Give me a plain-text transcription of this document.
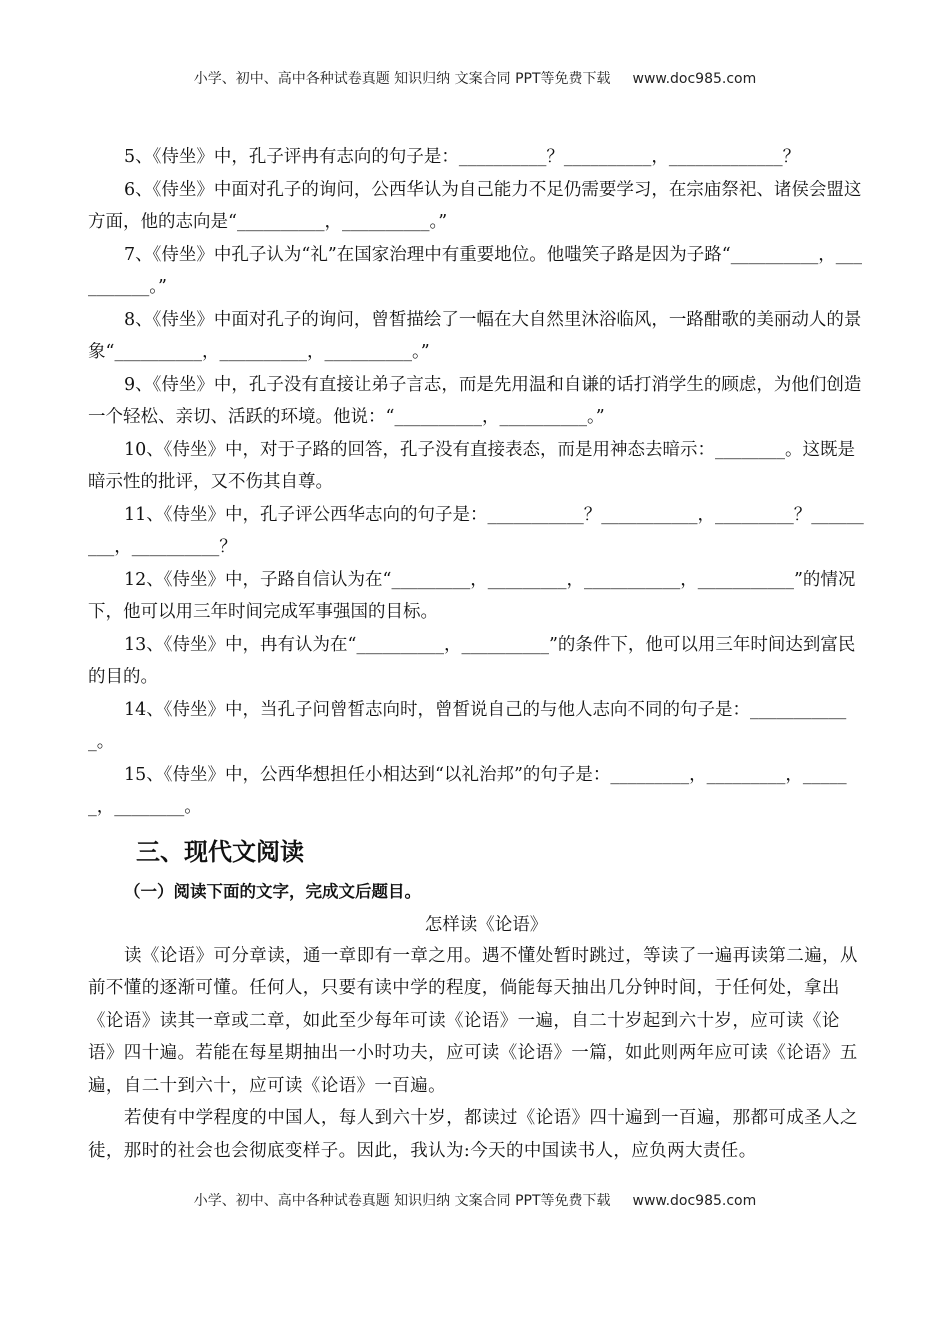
小学、初中、高中各种试卷真题 知识归纳 文案合同 PPT等免费下载 www.doc985.com

5、《侍坐》中，孔子评冉有志向的句子是：__________？__________，_____________？

6、《侍坐》中面对孔子的询问，公西华认为自己能力不足仍需要学习，在宗庙祭祀、诸侯会盟这方面，他的志向是“__________，__________。”

7、《侍坐》中孔子认为“礼”在国家治理中有重要地位。他嗤笑子路是因为子路“__________，__________。”

8、《侍坐》中面对孔子的询问，曾皙描绘了一幅在大自然里沐浴临风，一路酣歌的美丽动人的景象“__________，__________，__________。”

9、《侍坐》中，孔子没有直接让弟子言志，而是先用温和自谦的话打消学生的顾虑，为他们创造一个轻松、亲切、活跃的环境。他说：“__________，__________。”

10、《侍坐》中，对于子路的回答，孔子没有直接表态，而是用神态去暗示：________。这既是暗示性的批评，又不伤其自尊。

11、《侍坐》中，孔子评公西华志向的句子是：___________？___________，_________？_________，__________？

12、《侍坐》中，子路自信认为在“_________，_________，___________，___________”的情况下，他可以用三年时间完成军事强国的目标。

13、《侍坐》中，冉有认为在“__________，__________”的条件下，他可以用三年时间达到富民的目的。

14、《侍坐》中，当孔子问曾皙志向时，曾皙说自己的与他人志向不同的句子是：____________。

15、《侍坐》中，公西华想担任小相达到“以礼治邦”的句子是：_________，_________，______，________。

三、现代文阅读
（一）阅读下面的文字，完成文后题目。
怎样读《论语》

读《论语》可分章读，通一章即有一章之用。遇不懂处暂时跳过，等读了一遍再读第二遍，从前不懂的逐渐可懂。任何人，只要有读中学的程度，倘能每天抽出几分钟时间，于任何处，拿出《论语》读其一章或二章，如此至少每年可读《论语》一遍，自二十岁起到六十岁，应可读《论语》四十遍。若能在每星期抽出一小时功夫，应可读《论语》一篇，如此则两年应可读《论语》五遍，自二十到六十，应可读《论语》一百遍。

若使有中学程度的中国人，每人到六十岁，都读过《论语》四十遍到一百遍，那都可成圣人之徒，那时的社会也会彻底变样子。因此，我认为:今天的中国读书人，应负两大责任。

小学、初中、高中各种试卷真题 知识归纳 文案合同 PPT等免费下载 www.doc985.com
